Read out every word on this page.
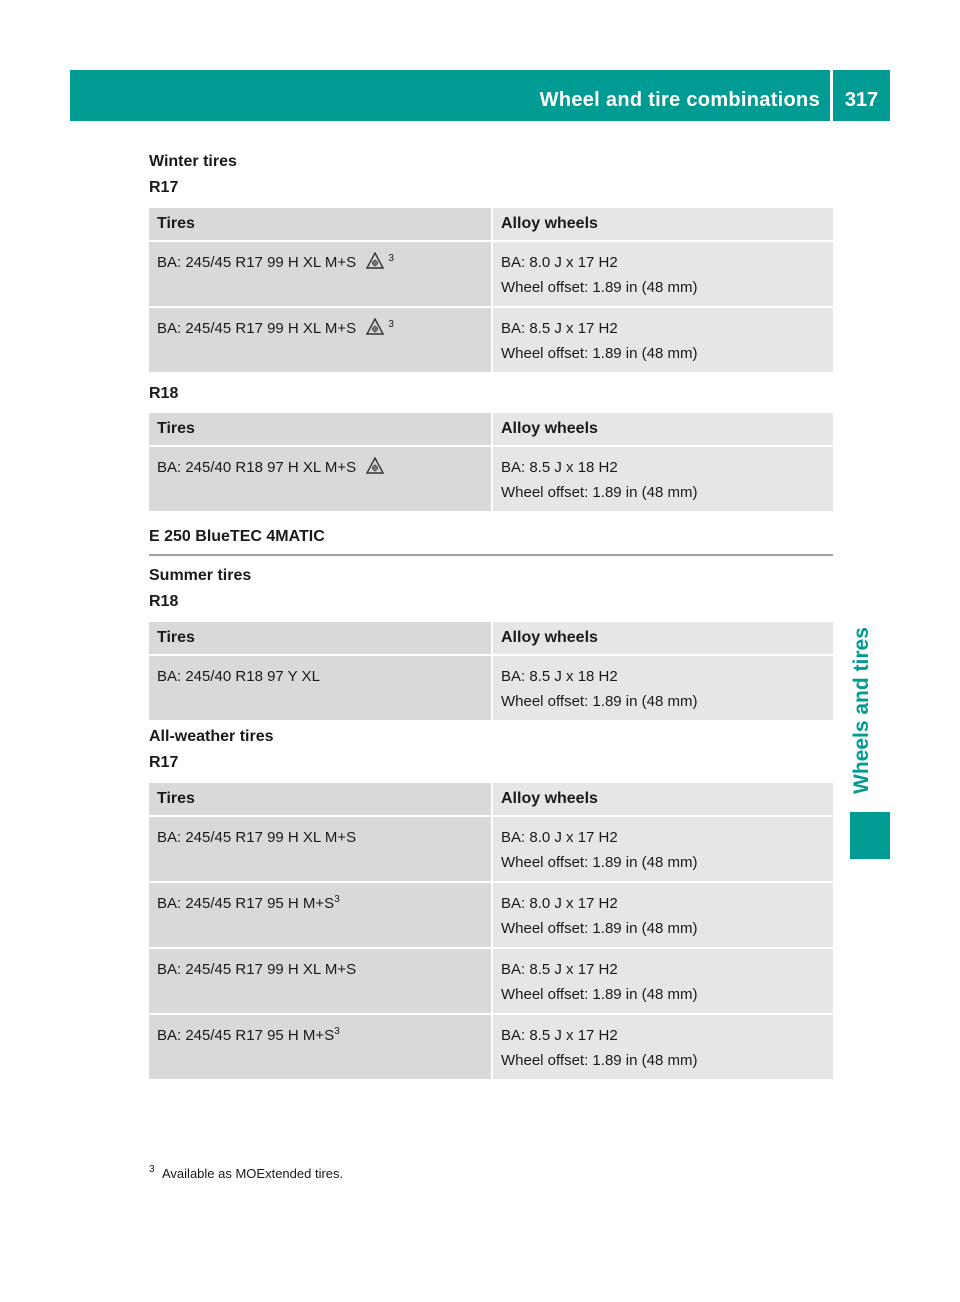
Wheel and tire combinations	317
Wheels and tires
Winter tires
R17
Tires	Alloy wheels
BA: 245/45 R17 99 H XL M+S $^3$	BA: 8.0 J x 17 H2
Wheel offset: 1.89 in (48 mm)

BA: 245/45 R17 99 H XL M+S $^3$	BA: 8.5 J x 17 H2
Wheel offset: 1.89 in (48 mm)
R18
Tires	Alloy wheels
BA: 245/40 R18 97 H XL M+S	BA: 8.5 J x 18 H2
Wheel offset: 1.89 in (48 mm)
E 250 BlueTEC 4MATIC
Summer tires
R18
Tires	Alloy wheels
BA: 245/40 R18 97 Y XL	BA: 8.5 J x 18 H2
Wheel offset: 1.89 in (48 mm)
All-weather tires
R17
Tires	Alloy wheels
BA: 245/45 R17 99 H XL M+S	BA: 8.0 J x 17 H2
Wheel offset: 1.89 in (48 mm)

BA: 245/45 R17 95 H $M+S^3$	BA: 8.0 J x 17 H2
Wheel offset: 1.89 in (48 mm)

BA: 245/45 R17 99 H XL M+S	BA: 8.5 J x 17 H2
Wheel offset: 1.89 in (48 mm)

BA: 245/45 R17 95 H $M+S^3$	BA: 8.5 J x 17 H2
Wheel offset: 1.89 in (48 mm)
3 Available as MOExtended tires.
